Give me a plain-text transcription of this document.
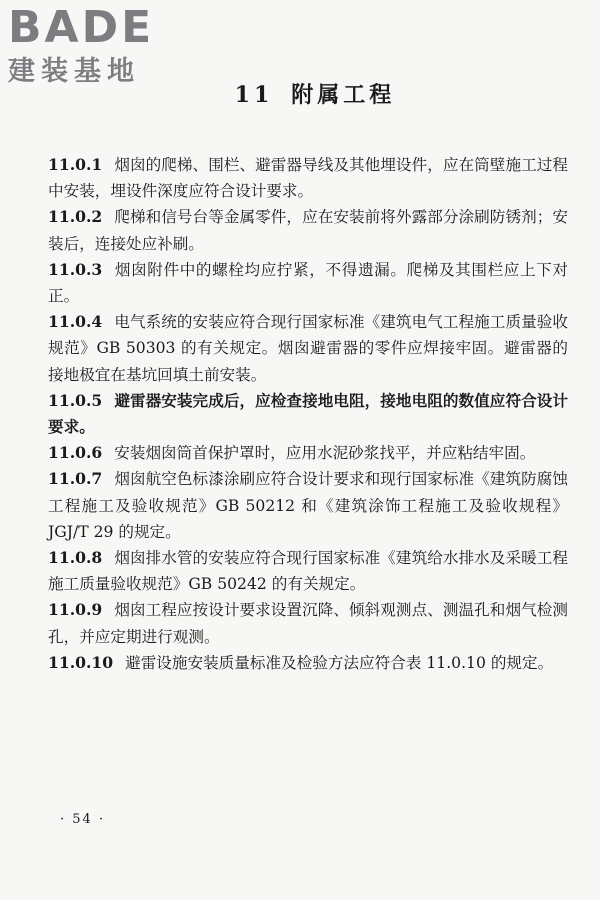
BADE
建装基地
11 附属工程

11.0.1 烟囱的爬梯、围栏、避雷器导线及其他埋设件，应在筒壁施工过程中安装，埋设件深度应符合设计要求。

11.0.2 爬梯和信号台等金属零件，应在安装前将外露部分涂刷防锈剂；安装后，连接处应补刷。

11.0.3 烟囱附件中的螺栓均应拧紧，不得遗漏。爬梯及其围栏应上下对正。

11.0.4 电气系统的安装应符合现行国家标准《建筑电气工程施工质量验收规范》GB 50303 的有关规定。烟囱避雷器的零件应焊接牢固。避雷器的接地极宜在基坑回填土前安装。

11.0.5 避雷器安装完成后，应检查接地电阻，接地电阻的数值应符合设计要求。

11.0.6 安装烟囱筒首保护罩时，应用水泥砂浆找平，并应粘结牢固。

11.0.7 烟囱航空色标漆涂刷应符合设计要求和现行国家标准《建筑防腐蚀工程施工及验收规范》GB 50212 和《建筑涂饰工程施工及验收规程》JGJ/T 29 的规定。

11.0.8 烟囱排水管的安装应符合现行国家标准《建筑给水排水及采暖工程施工质量验收规范》GB 50242 的有关规定。

11.0.9 烟囱工程应按设计要求设置沉降、倾斜观测点、测温孔和烟气检测孔，并应定期进行观测。

11.0.10 避雷设施安装质量标准及检验方法应符合表 11.0.10 的规定。

· 54 ·
